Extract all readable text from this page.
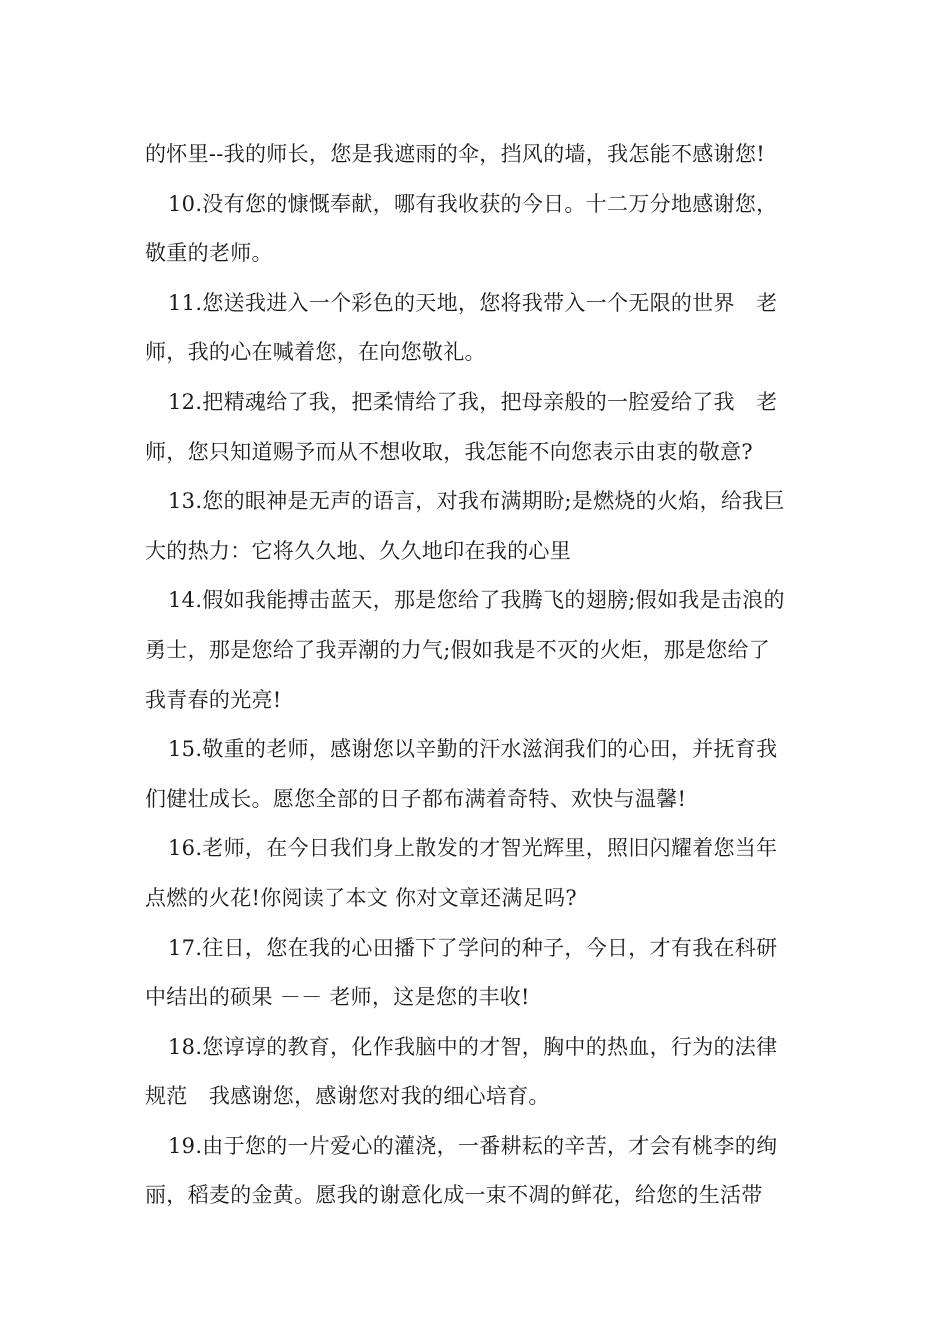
的怀里--我的师长，您是我遮雨的伞，挡风的墙，我怎能不感谢您!
10.没有您的慷慨奉献，哪有我收获的今日。十二万分地感谢您，
敬重的老师。
11.您送我进入一个彩色的天地，您将我带入一个无限的世界　老
师，我的心在喊着您，在向您敬礼。
12.把精魂给了我，把柔情给了我，把母亲般的一腔爱给了我　老
师，您只知道赐予而从不想收取，我怎能不向您表示由衷的敬意?
13.您的眼神是无声的语言，对我布满期盼;是燃烧的火焰，给我巨
大的热力：它将久久地、久久地印在我的心里
14.假如我能搏击蓝天，那是您给了我腾飞的翅膀;假如我是击浪的
勇士，那是您给了我弄潮的力气;假如我是不灭的火炬，那是您给了
我青春的光亮!
15.敬重的老师，感谢您以辛勤的汗水滋润我们的心田，并抚育我
们健壮成长。愿您全部的日子都布满着奇特、欢快与温馨!
16.老师，在今日我们身上散发的才智光辉里，照旧闪耀着您当年
点燃的火花!你阅读了本文 你对文章还满足吗?
17.往日，您在我的心田播下了学问的种子，今日，才有我在科研
中结出的硕果 －－ 老师，这是您的丰收!
18.您谆谆的教育，化作我脑中的才智，胸中的热血，行为的法律
规范　我感谢您，感谢您对我的细心培育。
19.由于您的一片爱心的灌浇，一番耕耘的辛苦，才会有桃李的绚
丽，稻麦的金黄。愿我的谢意化成一束不凋的鲜花，给您的生活带
